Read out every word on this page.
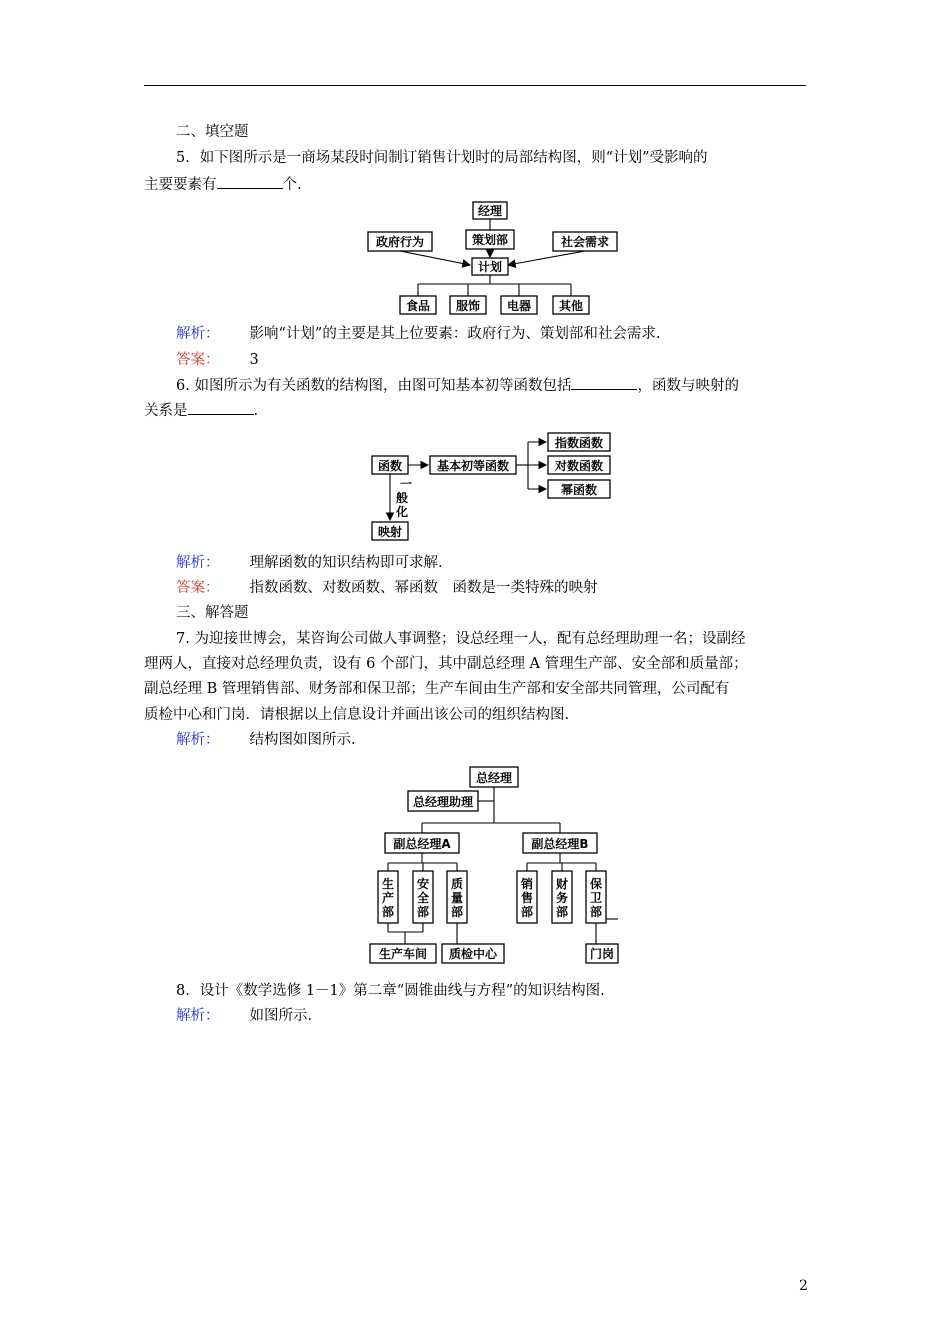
二、填空题
5．如下图所示是一商场某段时间制订销售计划时的局部结构图，则“计划”受影响的
主要要素有	个.
经理
策划部
政府行为	社会需求
计划
食品 服饰 电器 其他
函数	基本初等函数
指数函数
对数函数
幂函数
一
般
化
映射
总经理
总经理助理
副总经理A	副总经理B
生
产
部
安
全
部
质
量
部
销
售
部
财
务
部
保
卫
部
生产车间 质检中心	门岗
解析： 影响“计划”的主要是其上位要素：政府行为、策划部和社会需求.
答案： 3
6. 如图所示为有关函数的结构图，由图可知基本初等函数包括	，函数与映射的
关系是	.
解析： 理解函数的知识结构即可求解.
答案： 指数函数、对数函数、幂函数　函数是一类特殊的映射
三、解答题
7. 为迎接世博会，某咨询公司做人事调整；设总经理一人，配有总经理助理一名；设副经
理两人，直接对总经理负责，设有 6 个部门，其中副总经理 A 管理生产部、安全部和质量部；
副总经理 B 管理销售部、财务部和保卫部；生产车间由生产部和安全部共同管理，公司配有
质检中心和门岗．请根据以上信息设计并画出该公司的组织结构图.
解析： 结构图如图所示.
8．设计《数学选修 1－1》第二章“圆锥曲线与方程”的知识结构图.
解析： 如图所示.
2
